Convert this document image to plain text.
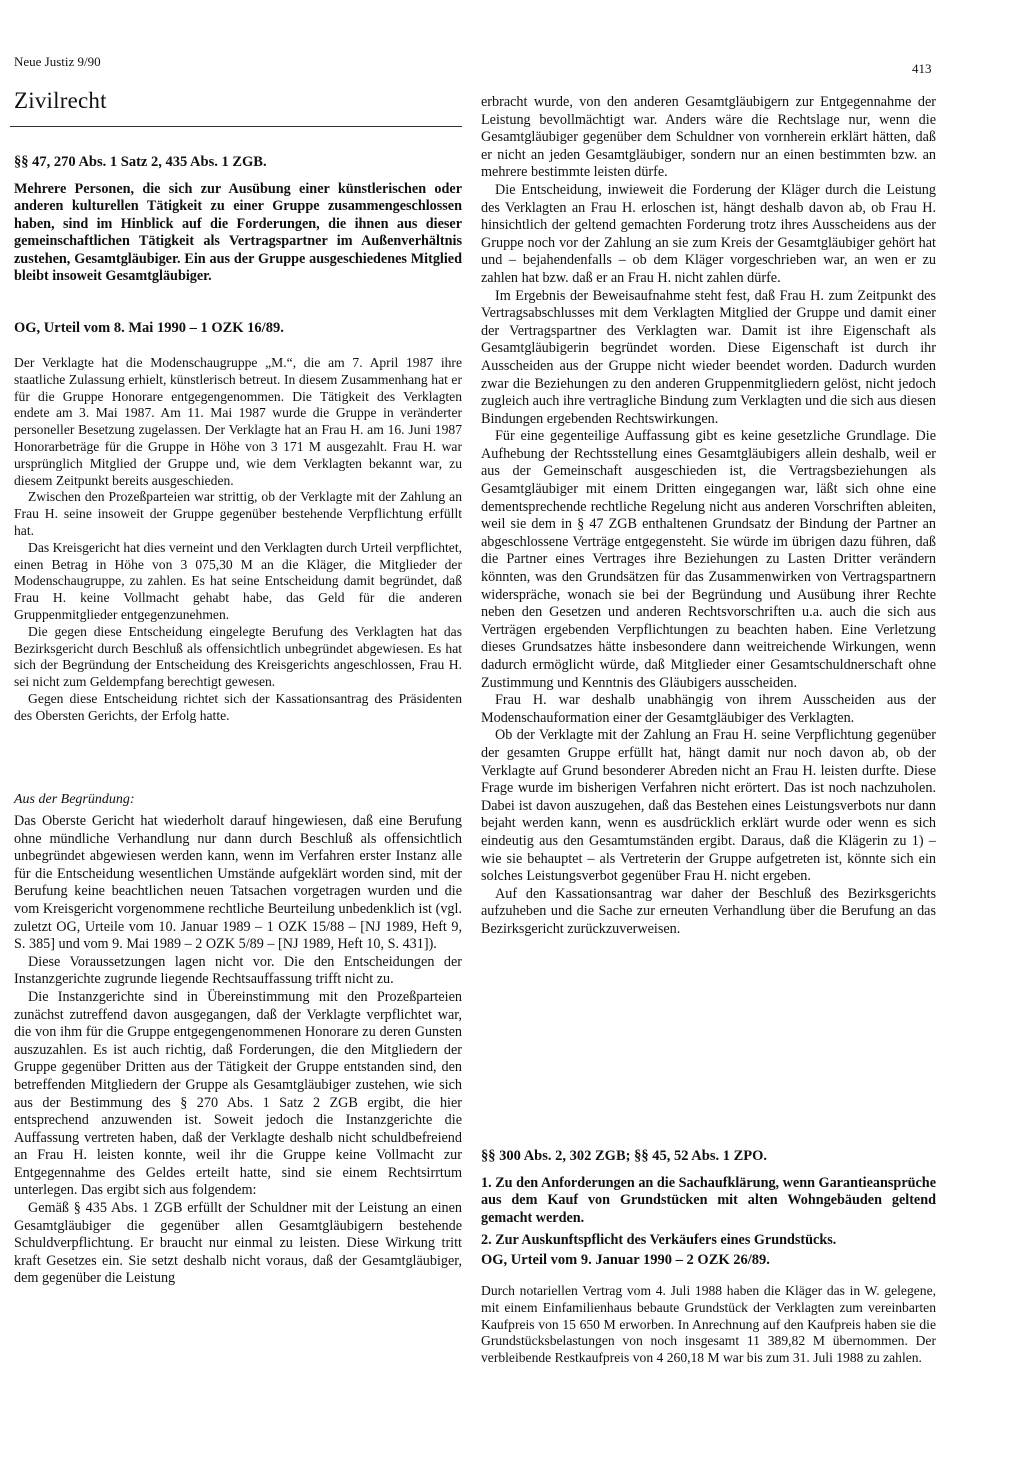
Neue Justiz 9/90	413
Zivilrecht
§§ 47, 270 Abs. 1 Satz 2, 435 Abs. 1 ZGB.
Mehrere Personen, die sich zur Ausübung einer künstlerischen oder anderen kulturellen Tätigkeit zu einer Gruppe zusammengeschlossen haben, sind im Hinblick auf die Forderungen, die ihnen aus dieser gemeinschaftlichen Tätigkeit als Vertragspartner im Außenverhältnis zustehen, Gesamtgläubiger. Ein aus der Gruppe ausgeschiedenes Mitglied bleibt insoweit Gesamtgläubiger.
OG, Urteil vom 8. Mai 1990 – 1 OZK 16/89.

Der Verklagte hat die Modenschaugruppe „M.“, die am 7. April 1987 ihre staatliche Zulassung erhielt, künstlerisch betreut. In diesem Zusammenhang hat er für die Gruppe Honorare entgegengenommen. Die Tätigkeit des Verklagten endete am 3. Mai 1987. Am 11. Mai 1987 wurde die Gruppe in veränderter personeller Besetzung zugelassen. Der Verklagte hat an Frau H. am 16. Juni 1987 Honorarbeträge für die Gruppe in Höhe von 3 171 M ausgezahlt. Frau H. war ursprünglich Mitglied der Gruppe und, wie dem Verklagten bekannt war, zu diesem Zeitpunkt bereits ausgeschieden.

Zwischen den Prozeßparteien war strittig, ob der Verklagte mit der Zahlung an Frau H. seine insoweit der Gruppe gegenüber bestehende Verpflichtung erfüllt hat.

Das Kreisgericht hat dies verneint und den Verklagten durch Urteil verpflichtet, einen Betrag in Höhe von 3 075,30 M an die Kläger, die Mitglieder der Modenschaugruppe, zu zahlen. Es hat seine Entscheidung damit begründet, daß Frau H. keine Vollmacht gehabt habe, das Geld für die anderen Gruppenmitglieder entgegenzunehmen.

Die gegen diese Entscheidung eingelegte Berufung des Verklagten hat das Bezirksgericht durch Beschluß als offensichtlich unbegründet abgewiesen. Es hat sich der Begründung der Entscheidung des Kreisgerichts angeschlossen, Frau H. sei nicht zum Geldempfang berechtigt gewesen.

Gegen diese Entscheidung richtet sich der Kassationsantrag des Präsidenten des Obersten Gerichts, der Erfolg hatte.

Aus der Begründung:

Das Oberste Gericht hat wiederholt darauf hingewiesen, daß eine Berufung ohne mündliche Verhandlung nur dann durch Beschluß als offensichtlich unbegründet abgewiesen werden kann, wenn im Verfahren erster Instanz alle für die Entscheidung wesentlichen Umstände aufgeklärt worden sind, mit der Berufung keine beachtlichen neuen Tatsachen vorgetragen wurden und die vom Kreisgericht vorgenommene rechtliche Beurteilung unbedenklich ist (vgl. zuletzt OG, Urteile vom 10. Januar 1989 – 1 OZK 15/88 – [NJ 1989, Heft 9, S. 385] und vom 9. Mai 1989 – 2 OZK 5/89 – [NJ 1989, Heft 10, S. 431]).

Diese Voraussetzungen lagen nicht vor. Die den Entscheidungen der Instanzgerichte zugrunde liegende Rechtsauffassung trifft nicht zu.

Die Instanzgerichte sind in Übereinstimmung mit den Prozeßparteien zunächst zutreffend davon ausgegangen, daß der Verklagte verpflichtet war, die von ihm für die Gruppe entgegengenommenen Honorare zu deren Gunsten auszuzahlen. Es ist auch richtig, daß Forderungen, die den Mitgliedern der Gruppe gegenüber Dritten aus der Tätigkeit der Gruppe entstanden sind, den betreffenden Mitgliedern der Gruppe als Gesamtgläubiger zustehen, wie sich aus der Bestimmung des § 270 Abs. 1 Satz 2 ZGB ergibt, die hier entsprechend anzuwenden ist. Soweit jedoch die Instanzgerichte die Auffassung vertreten haben, daß der Verklagte deshalb nicht schuldbefreiend an Frau H. leisten konnte, weil ihr die Gruppe keine Vollmacht zur Entgegennahme des Geldes erteilt hatte, sind sie einem Rechtsirrtum unterlegen. Das ergibt sich aus folgendem:

Gemäß § 435 Abs. 1 ZGB erfüllt der Schuldner mit der Leistung an einen Gesamtgläubiger die gegenüber allen Gesamtgläubigern bestehende Schuldverpflichtung. Er braucht nur einmal zu leisten. Diese Wirkung tritt kraft Gesetzes ein. Sie setzt deshalb nicht voraus, daß der Gesamtgläubiger, dem gegenüber die Leistung

erbracht wurde, von den anderen Gesamtgläubigern zur Entgegennahme der Leistung bevollmächtigt war. Anders wäre die Rechtslage nur, wenn die Gesamtgläubiger gegenüber dem Schuldner von vornherein erklärt hätten, daß er nicht an jeden Gesamtgläubiger, sondern nur an einen bestimmten bzw. an mehrere bestimmte leisten dürfe.

Die Entscheidung, inwieweit die Forderung der Kläger durch die Leistung des Verklagten an Frau H. erloschen ist, hängt deshalb davon ab, ob Frau H. hinsichtlich der geltend gemachten Forderung trotz ihres Ausscheidens aus der Gruppe noch vor der Zahlung an sie zum Kreis der Gesamtgläubiger gehört hat und – bejahendenfalls – ob dem Kläger vorgeschrieben war, an wen er zu zahlen hat bzw. daß er an Frau H. nicht zahlen dürfe.

Im Ergebnis der Beweisaufnahme steht fest, daß Frau H. zum Zeitpunkt des Vertragsabschlusses mit dem Verklagten Mitglied der Gruppe und damit einer der Vertragspartner des Verklagten war. Damit ist ihre Eigenschaft als Gesamtgläubigerin begründet worden. Diese Eigenschaft ist durch ihr Ausscheiden aus der Gruppe nicht wieder beendet worden. Dadurch wurden zwar die Beziehungen zu den anderen Gruppenmitgliedern gelöst, nicht jedoch zugleich auch ihre vertragliche Bindung zum Verklagten und die sich aus diesen Bindungen ergebenden Rechtswirkungen.

Für eine gegenteilige Auffassung gibt es keine gesetzliche Grundlage. Die Aufhebung der Rechtsstellung eines Gesamtgläubigers allein deshalb, weil er aus der Gemeinschaft ausgeschieden ist, die Vertragsbeziehungen als Gesamtgläubiger mit einem Dritten eingegangen war, läßt sich ohne eine dementsprechende rechtliche Regelung nicht aus anderen Vorschriften ableiten, weil sie dem in § 47 ZGB enthaltenen Grundsatz der Bindung der Partner an abgeschlossene Verträge entgegensteht. Sie würde im übrigen dazu führen, daß die Partner eines Vertrages ihre Beziehungen zu Lasten Dritter verändern könnten, was den Grundsätzen für das Zusammenwirken von Vertragspartnern widerspräche, wonach sie bei der Begründung und Ausübung ihrer Rechte neben den Gesetzen und anderen Rechtsvorschriften u.a. auch die sich aus Verträgen ergebenden Verpflichtungen zu beachten haben. Eine Verletzung dieses Grundsatzes hätte insbesondere dann weitreichende Wirkungen, wenn dadurch ermöglicht würde, daß Mitglieder einer Gesamtschuldnerschaft ohne Zustimmung und Kenntnis des Gläubigers ausscheiden.

Frau H. war deshalb unabhängig von ihrem Ausscheiden aus der Modenschauformation einer der Gesamtgläubiger des Verklagten.

Ob der Verklagte mit der Zahlung an Frau H. seine Verpflichtung gegenüber der gesamten Gruppe erfüllt hat, hängt damit nur noch davon ab, ob der Verklagte auf Grund besonderer Abreden nicht an Frau H. leisten durfte. Diese Frage wurde im bisherigen Verfahren nicht erörtert. Das ist noch nachzuholen. Dabei ist davon auszugehen, daß das Bestehen eines Leistungsverbots nur dann bejaht werden kann, wenn es ausdrücklich erklärt wurde oder wenn es sich eindeutig aus den Gesamtumständen ergibt. Daraus, daß die Klägerin zu 1) – wie sie behauptet – als Vertreterin der Gruppe aufgetreten ist, könnte sich ein solches Leistungsverbot gegenüber Frau H. nicht ergeben.

Auf den Kassationsantrag war daher der Beschluß des Bezirksgerichts aufzuheben und die Sache zur erneuten Verhandlung über die Berufung an das Bezirksgericht zurückzuverweisen.

§§ 300 Abs. 2, 302 ZGB; §§ 45, 52 Abs. 1 ZPO.
1. Zu den Anforderungen an die Sachaufklärung, wenn Garantieansprüche aus dem Kauf von Grundstücken mit alten Wohngebäuden geltend gemacht werden.
2. Zur Auskunftspflicht des Verkäufers eines Grundstücks.
OG, Urteil vom 9. Januar 1990 – 2 OZK 26/89.

Durch notariellen Vertrag vom 4. Juli 1988 haben die Kläger das in W. gelegene, mit einem Einfamilienhaus bebaute Grundstück der Verklagten zum vereinbarten Kaufpreis von 15 650 M erworben. In Anrechnung auf den Kaufpreis haben sie die Grundstücksbelastungen von noch insgesamt 11 389,82 M übernommen. Der verbleibende Restkaufpreis von 4 260,18 M war bis zum 31. Juli 1988 zu zahlen.
